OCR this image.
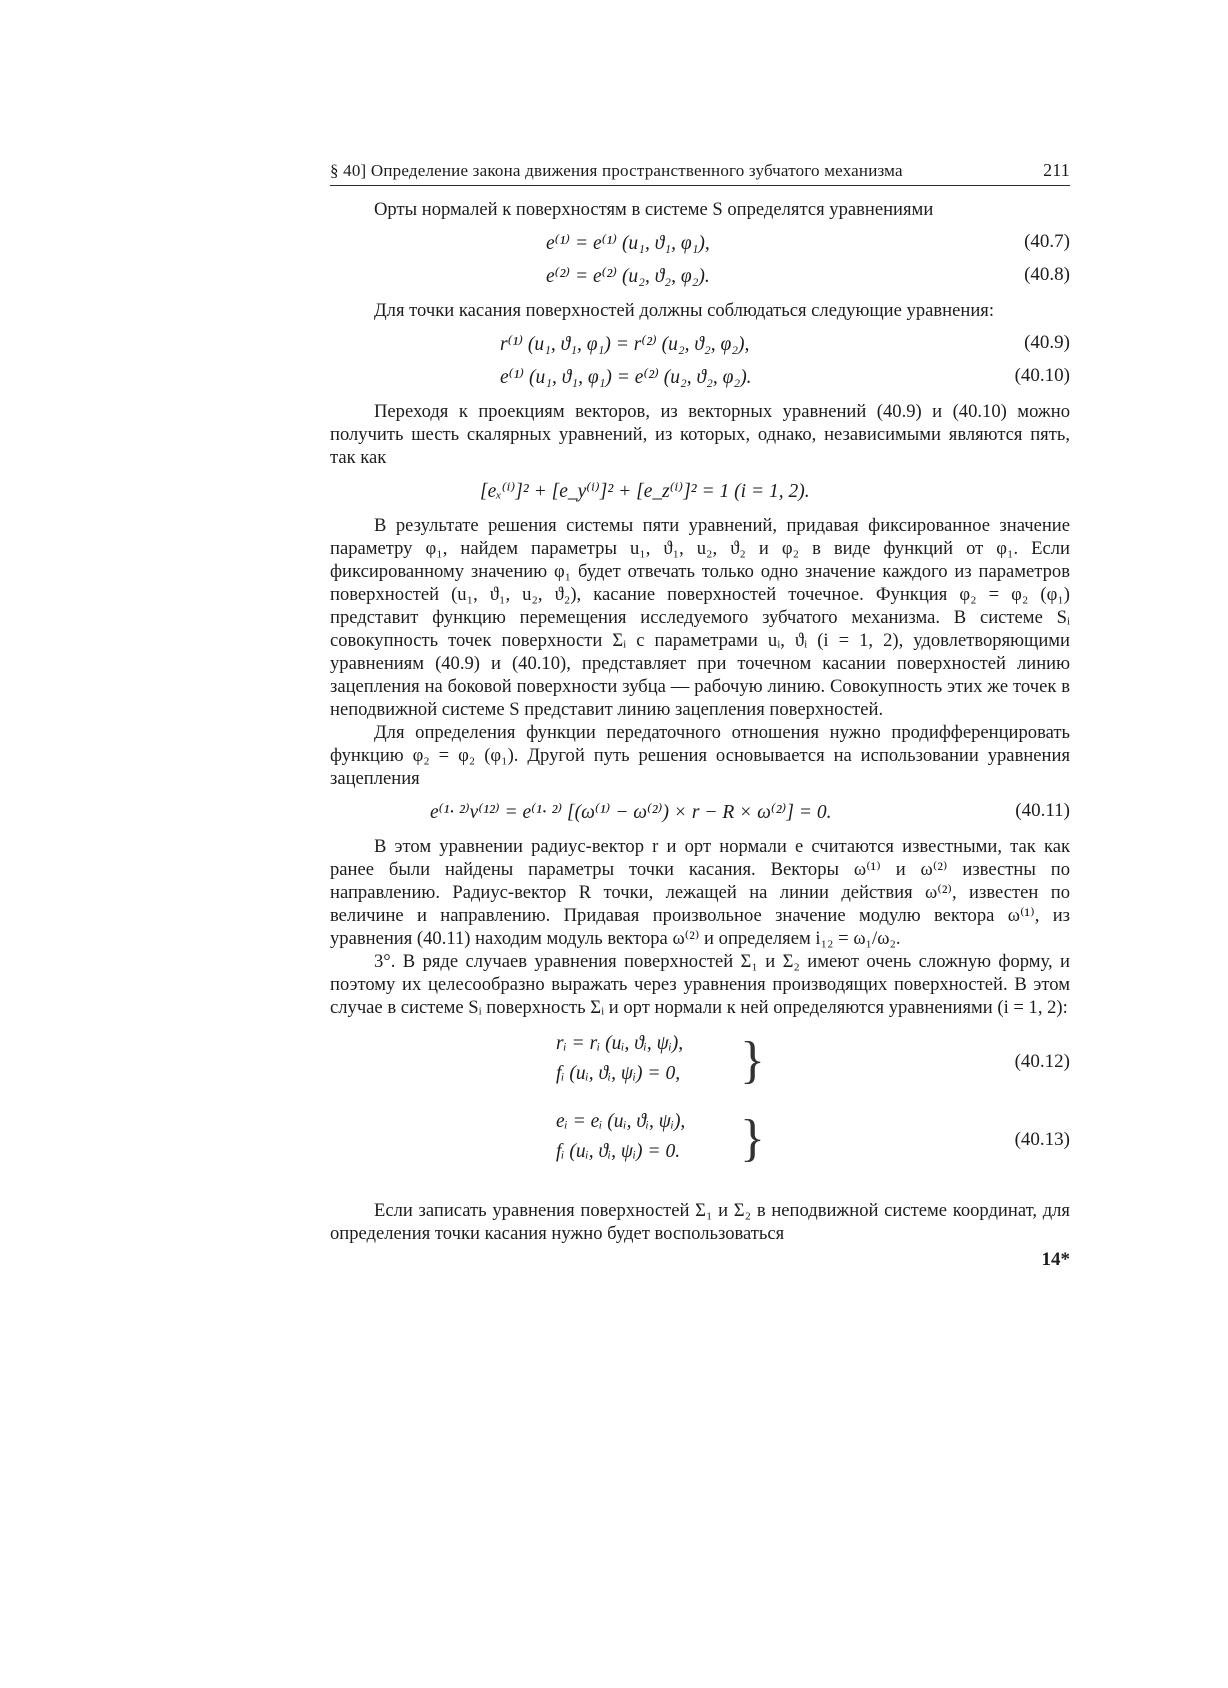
§ 40] Определение закона движения пространственного зубчатого механизма	211

Орты нормалей к поверхностям в системе S определятся уравнениями

e⁽¹⁾ = e⁽¹⁾ (u₁, ϑ₁, φ₁),	(40.7)
e⁽²⁾ = e⁽²⁾ (u₂, ϑ₂, φ₂).	(40.8)

Для точки касания поверхностей должны соблюдаться следующие уравнения:

r⁽¹⁾ (u₁, ϑ₁, φ₁) = r⁽²⁾ (u₂, ϑ₂, φ₂),	(40.9)
e⁽¹⁾ (u₁, ϑ₁, φ₁) = e⁽²⁾ (u₂, ϑ₂, φ₂).	(40.10)

Переходя к проекциям векторов, из векторных уравнений (40.9) и (40.10) можно получить шесть скалярных уравнений, из которых, однако, независимыми являются пять, так как

[eₓ⁽ⁱ⁾]² + [e_y⁽ⁱ⁾]² + [e_z⁽ⁱ⁾]² = 1 (i = 1, 2).

В результате решения системы пяти уравнений, придавая фиксированное значение параметру φ₁, найдем параметры u₁, ϑ₁, u₂, ϑ₂ и φ₂ в виде функций от φ₁. Если фиксированному значению φ₁ будет отвечать только одно значение каждого из параметров поверхностей (u₁, ϑ₁, u₂, ϑ₂), касание поверхностей точечное. Функция φ₂ = φ₂ (φ₁) представит функцию перемещения исследуемого зубчатого механизма. В системе Sᵢ совокупность точек поверхности Σᵢ с параметрами uᵢ, ϑᵢ (i = 1, 2), удовлетворяющими уравнениям (40.9) и (40.10), представляет при точечном касании поверхностей линию зацепления на боковой поверхности зубца — рабочую линию. Совокупность этих же точек в неподвижной системе S представит линию зацепления поверхностей.

Для определения функции передаточного отношения нужно продифференцировать функцию φ₂ = φ₂ (φ₁). Другой путь решения основывается на использовании уравнения зацепления

e⁽¹· ²⁾v⁽¹²⁾ = e⁽¹· ²⁾ [(ω⁽¹⁾ − ω⁽²⁾) × r − R × ω⁽²⁾] = 0.	(40.11)

В этом уравнении радиус-вектор r и орт нормали e считаются известными, так как ранее были найдены параметры точки касания. Векторы ω⁽¹⁾ и ω⁽²⁾ известны по направлению. Радиус-вектор R точки, лежащей на линии действия ω⁽²⁾, известен по величине и направлению. Придавая произвольное значение модулю вектора ω⁽¹⁾, из уравнения (40.11) находим модуль вектора ω⁽²⁾ и определяем i₁₂ = ω₁/ω₂.

3°. В ряде случаев уравнения поверхностей Σ₁ и Σ₂ имеют очень сложную форму, и поэтому их целесообразно выражать через уравнения производящих поверхностей. В этом случае в системе Sᵢ поверхность Σᵢ и орт нормали к ней определяются уравнениями (i = 1, 2):

rᵢ = rᵢ (uᵢ, ϑᵢ, ψᵢ),
fᵢ (uᵢ, ϑᵢ, ψᵢ) = 0, }	(40.12)
eᵢ = eᵢ (uᵢ, ϑᵢ, ψᵢ),
fᵢ (uᵢ, ϑᵢ, ψᵢ) = 0. }	(40.13)

Если записать уравнения поверхностей Σ₁ и Σ₂ в неподвижной системе координат, для определения точки касания нужно будет воспользоваться

14*
